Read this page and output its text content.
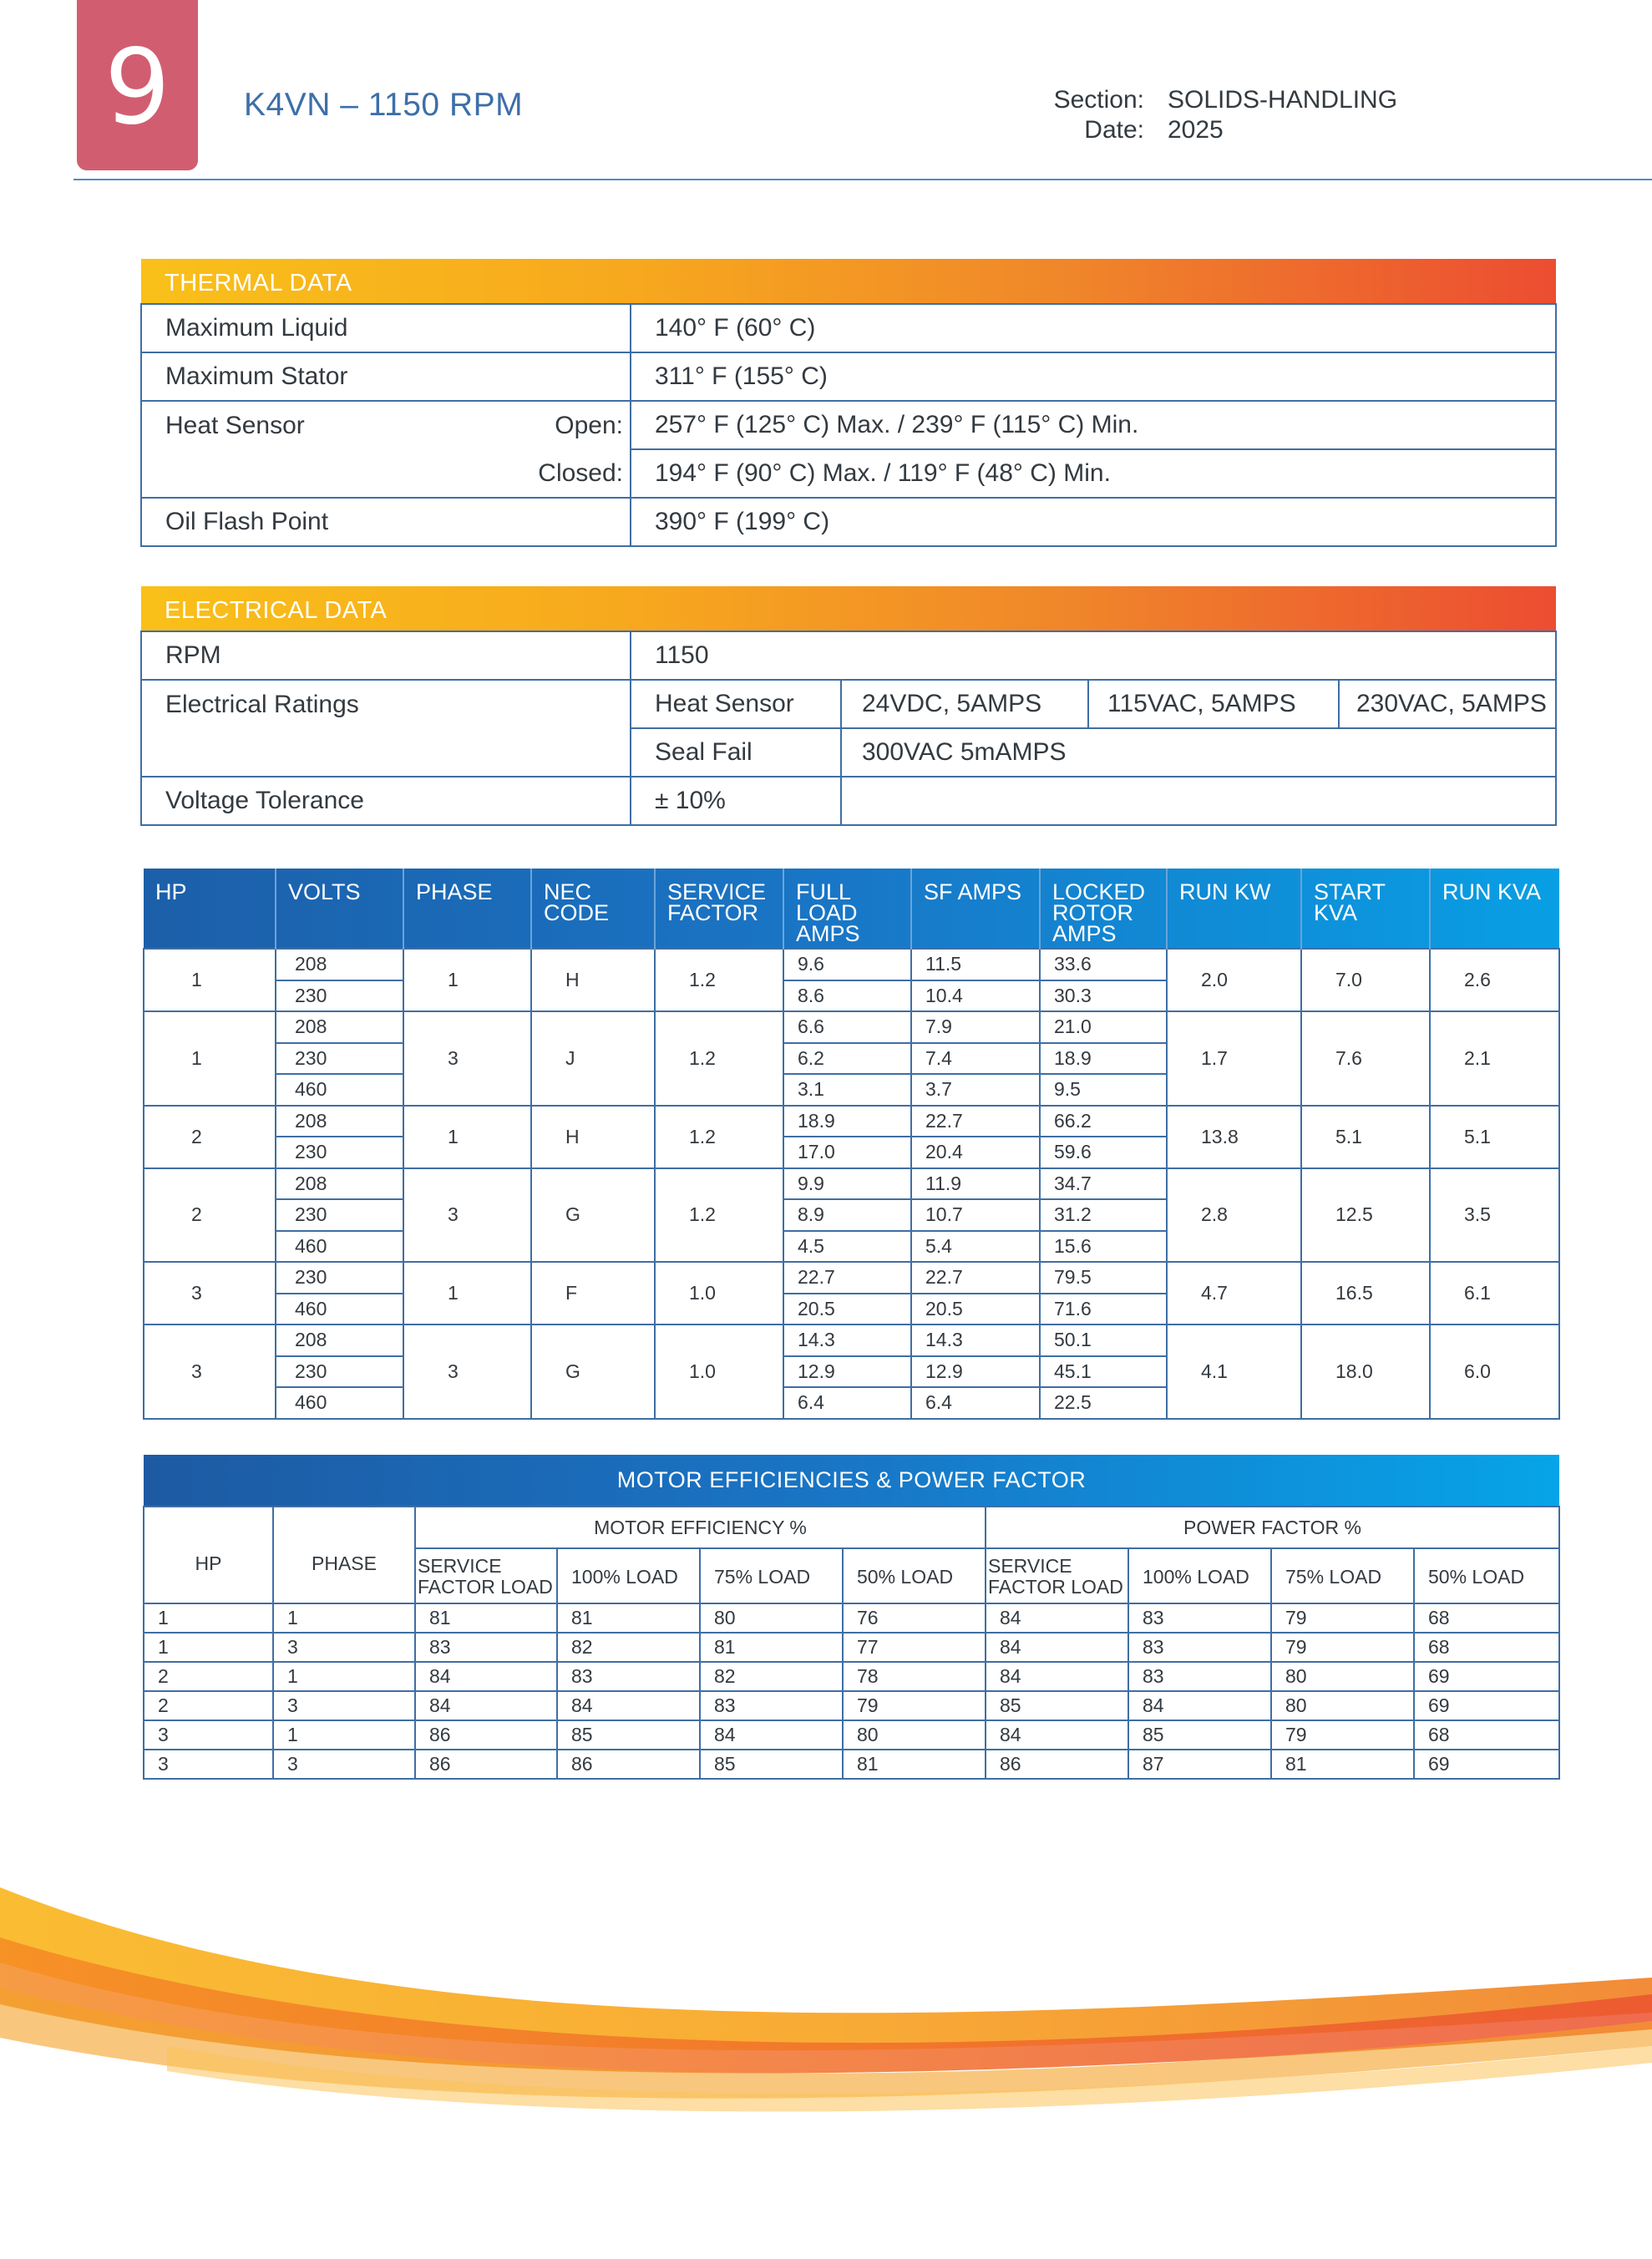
9 K4VN – 1150 RPM	Section:
Date:
SOLIDS-HANDLING
2025
THERMAL DATA	
Maximum Liquid	140° F (60° C)
Maximum Stator	311° F (155° C)
Heat Sensor Open:	257° F (125° C) Max. / 239° F (115° C) Min.
Closed:	194° F (90° C) Max. / 119° F (48° C) Min.
Oil Flash Point	390° F (199° C)
ELECTRICAL DATA				
RPM	1150			
Electrical Ratings	Heat Sensor	24VDC, 5AMPS	115VAC, 5AMPS	230VAC, 5AMPS
	Seal Fail	300VAC 5mAMPS		
Voltage Tolerance	± 10%			
HP	VOLTS	PHASE	NEC CODE	SERVICE FACTOR	FULL LOAD AMPS	SF AMPS	LOCKED ROTOR AMPS	RUN KW	START KVA	RUN KVA
1	208	1	H	1.2	9.6	11.5	33.6	2.0	7.0	2.6
	230				8.6	10.4	30.3			
1	208	3	J	1.2	6.6	7.9	21.0	1.7	7.6	2.1
	230				6.2	7.4	18.9			
	460				3.1	3.7	9.5			
2	208	1	H	1.2	18.9	22.7	66.2	13.8	5.1	5.1
	230				17.0	20.4	59.6			
2	208	3	G	1.2	9.9	11.9	34.7	2.8	12.5	3.5
	230				8.9	10.7	31.2			
	460				4.5	5.4	15.6			
3	230	1	F	1.0	22.7	22.7	79.5	4.7	16.5	6.1
	460				20.5	20.5	71.6			
3	208	3	G	1.0	14.3	14.3	50.1	4.1	18.0	6.0
	230				12.9	12.9	45.1			
	460				6.4	6.4	22.5			
MOTOR EFFICIENCIES & POWER FACTOR									
HP	PHASE	MOTOR EFFICIENCY %				POWER FACTOR %			
		SERVICE FACTOR LOAD	100% LOAD	75% LOAD	50% LOAD	SERVICE FACTOR LOAD	100% LOAD	75% LOAD	50% LOAD
1	1	81	81	80	76	84	83	79	68
1	3	83	82	81	77	84	83	79	68
2	1	84	83	82	78	84	83	80	69
2	3	84	84	83	79	85	84	80	69
3	1	86	85	84	80	84	85	79	68
3	3	86	86	85	81	86	87	81	69
